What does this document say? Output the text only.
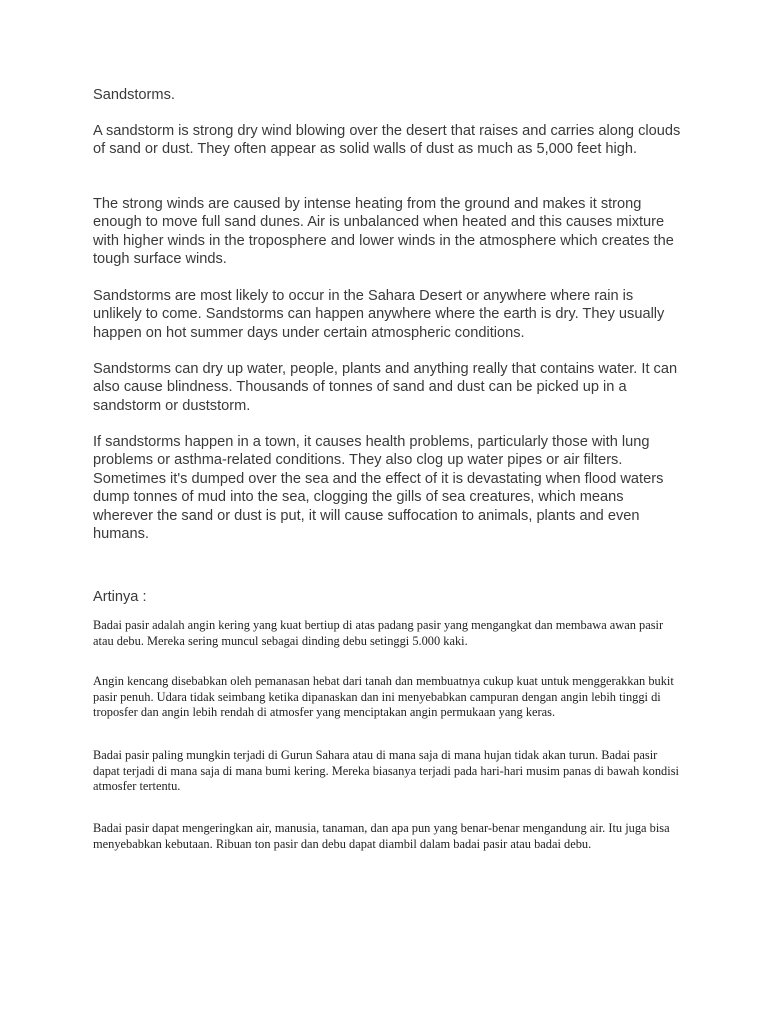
Sandstorms.

A sandstorm is strong dry wind blowing over the desert that raises and carries along clouds of sand or dust. They often appear as solid walls of dust as much as 5,000 feet high.

The strong winds are caused by intense heating from the ground and makes it strong enough to move full sand dunes. Air is unbalanced when heated and this causes mixture with higher winds in the troposphere and lower winds in the atmosphere which creates the tough surface winds.

Sandstorms are most likely to occur in the Sahara Desert or anywhere where rain is unlikely to come. Sandstorms can happen anywhere where the earth is dry. They usually happen on hot summer days under certain atmospheric conditions.

Sandstorms can dry up water, people, plants and anything really that contains water. It can also cause blindness. Thousands of tonnes of sand and dust can be picked up in a sandstorm or duststorm.

If sandstorms happen in a town, it causes health problems, particularly those with lung problems or asthma-related conditions. They also clog up water pipes or air filters. Sometimes it's dumped over the sea and the effect of it is devastating when flood waters dump tonnes of mud into the sea, clogging the gills of sea creatures, which means wherever the sand or dust is put, it will cause suffocation to animals, plants and even humans.

Artinya :

Badai pasir adalah angin kering yang kuat bertiup di atas padang pasir yang mengangkat dan membawa awan pasir atau debu. Mereka sering muncul sebagai dinding debu setinggi 5.000 kaki.

Angin kencang disebabkan oleh pemanasan hebat dari tanah dan membuatnya cukup kuat untuk menggerakkan bukit pasir penuh. Udara tidak seimbang ketika dipanaskan dan ini menyebabkan campuran dengan angin lebih tinggi di troposfer dan angin lebih rendah di atmosfer yang menciptakan angin permukaan yang keras.

Badai pasir paling mungkin terjadi di Gurun Sahara atau di mana saja di mana hujan tidak akan turun. Badai pasir dapat terjadi di mana saja di mana bumi kering. Mereka biasanya terjadi pada hari-hari musim panas di bawah kondisi atmosfer tertentu.

Badai pasir dapat mengeringkan air, manusia, tanaman, dan apa pun yang benar-benar mengandung air. Itu juga bisa menyebabkan kebutaan. Ribuan ton pasir dan debu dapat diambil dalam badai pasir atau badai debu.
